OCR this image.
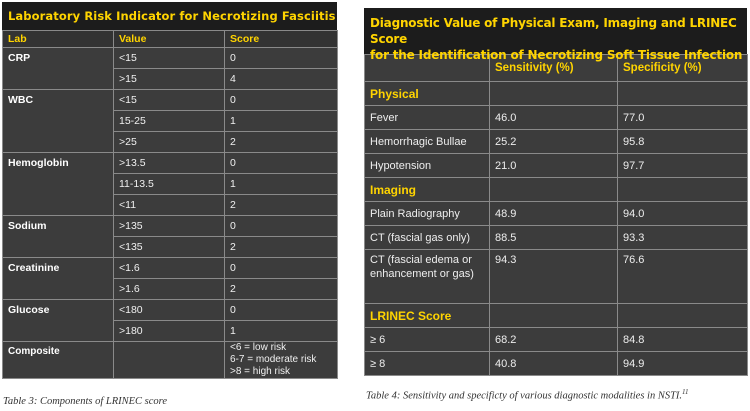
Laboratory Risk Indicator for Necrotizing Fasciitis
Lab	Value	Score
CRP	<15	0
	>15	4
WBC	<15	0
	15-25	1
	>25	2
Hemoglobin	>13.5	0
	11-13.5	1
	<11	2
Sodium	>135	0
	<135	2
Creatinine	<1.6	0
	>1.6	2
Glucose	<180	0
	>180	1
Composite		<6 = low risk
6-7 = moderate risk
>8 = high risk
Table 3: Components of LRINEC score
Diagnostic Value of Physical Exam, Imaging and LRINEC Score
for the Identification of Necrotizing Soft Tissue Infection
	Sensitivity (%)	Specificity (%)
Physical		
Fever	46.0	77.0
Hemorrhagic Bullae	25.2	95.8
Hypotension	21.0	97.7
Imaging		
Plain Radiography	48.9	94.0
CT (fascial gas only)	88.5	93.3
CT (fascial edema or enhancement or gas)	94.3	76.6
LRINEC Score		
≥ 6	68.2	84.8
≥ 8	40.8	94.9
Table 4: Sensitivity and specificty of various diagnostic modalities in NSTI.$^{11}$
